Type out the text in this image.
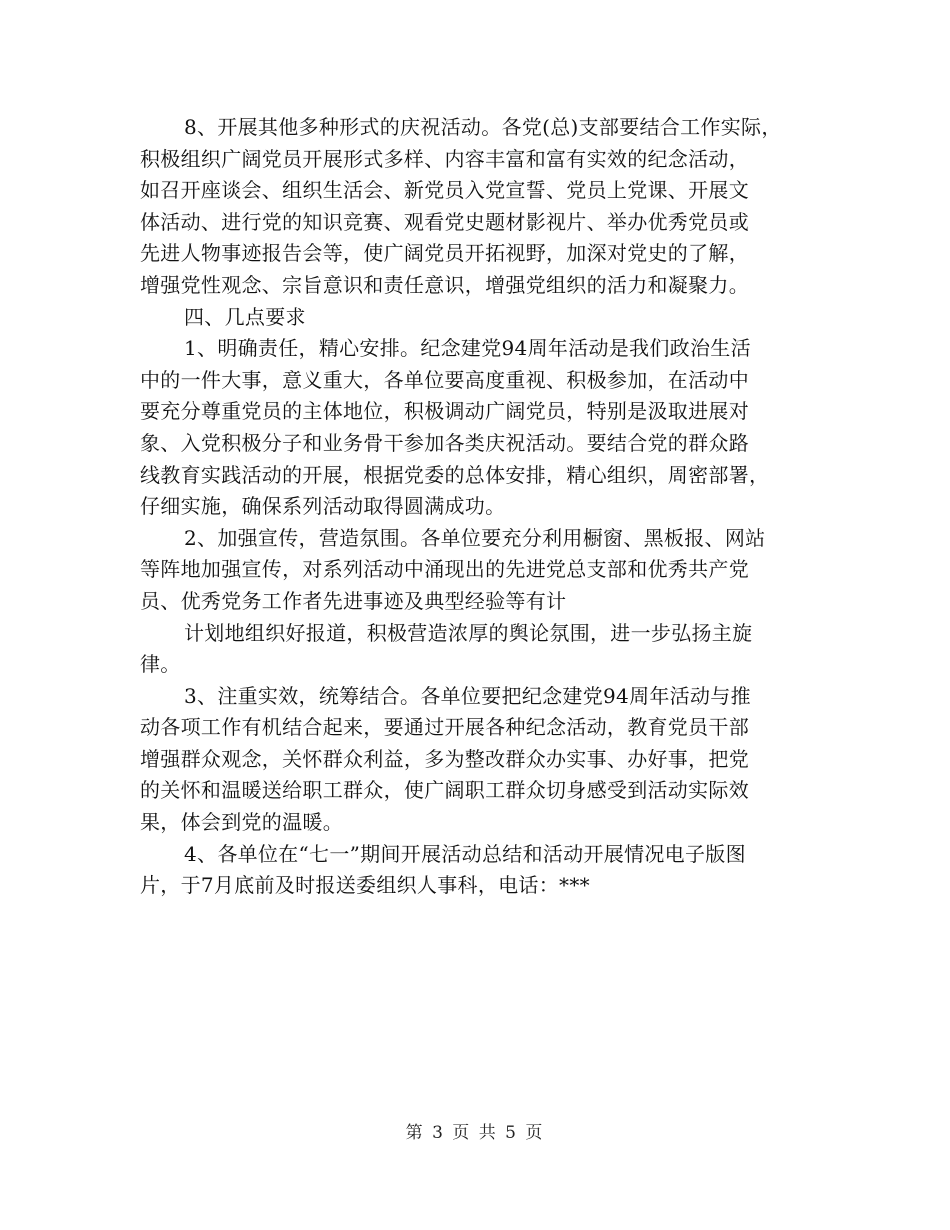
8、开展其他多种形式的庆祝活动。各党(总)支部要结合工作实际，
积极组织广阔党员开展形式多样、内容丰富和富有实效的纪念活动，
如召开座谈会、组织生活会、新党员入党宣誓、党员上党课、开展文
体活动、进行党的知识竞赛、观看党史题材影视片、举办优秀党员或
先进人物事迹报告会等，使广阔党员开拓视野，加深对党史的了解，
增强党性观念、宗旨意识和责任意识，增强党组织的活力和凝聚力。
四、几点要求
1、明确责任，精心安排。纪念建党94周年活动是我们政治生活
中的一件大事，意义重大，各单位要高度重视、积极参加，在活动中
要充分尊重党员的主体地位，积极调动广阔党员，特别是汲取进展对
象、入党积极分子和业务骨干参加各类庆祝活动。要结合党的群众路
线教育实践活动的开展，根据党委的总体安排，精心组织，周密部署，
仔细实施，确保系列活动取得圆满成功。
2、加强宣传，营造氛围。各单位要充分利用橱窗、黑板报、网站
等阵地加强宣传，对系列活动中涌现出的先进党总支部和优秀共产党
员、优秀党务工作者先进事迹及典型经验等有计
计划地组织好报道，积极营造浓厚的舆论氛围，进一步弘扬主旋
律。
3、注重实效，统筹结合。各单位要把纪念建党94周年活动与推
动各项工作有机结合起来，要通过开展各种纪念活动，教育党员干部
增强群众观念，关怀群众利益，多为整改群众办实事、办好事，把党
的关怀和温暖送给职工群众，使广阔职工群众切身感受到活动实际效
果，体会到党的温暖。
4、各单位在“七一”期间开展活动总结和活动开展情况电子版图
片，于7月底前及时报送委组织人事科，电话：***
第 3 页 共 5 页
